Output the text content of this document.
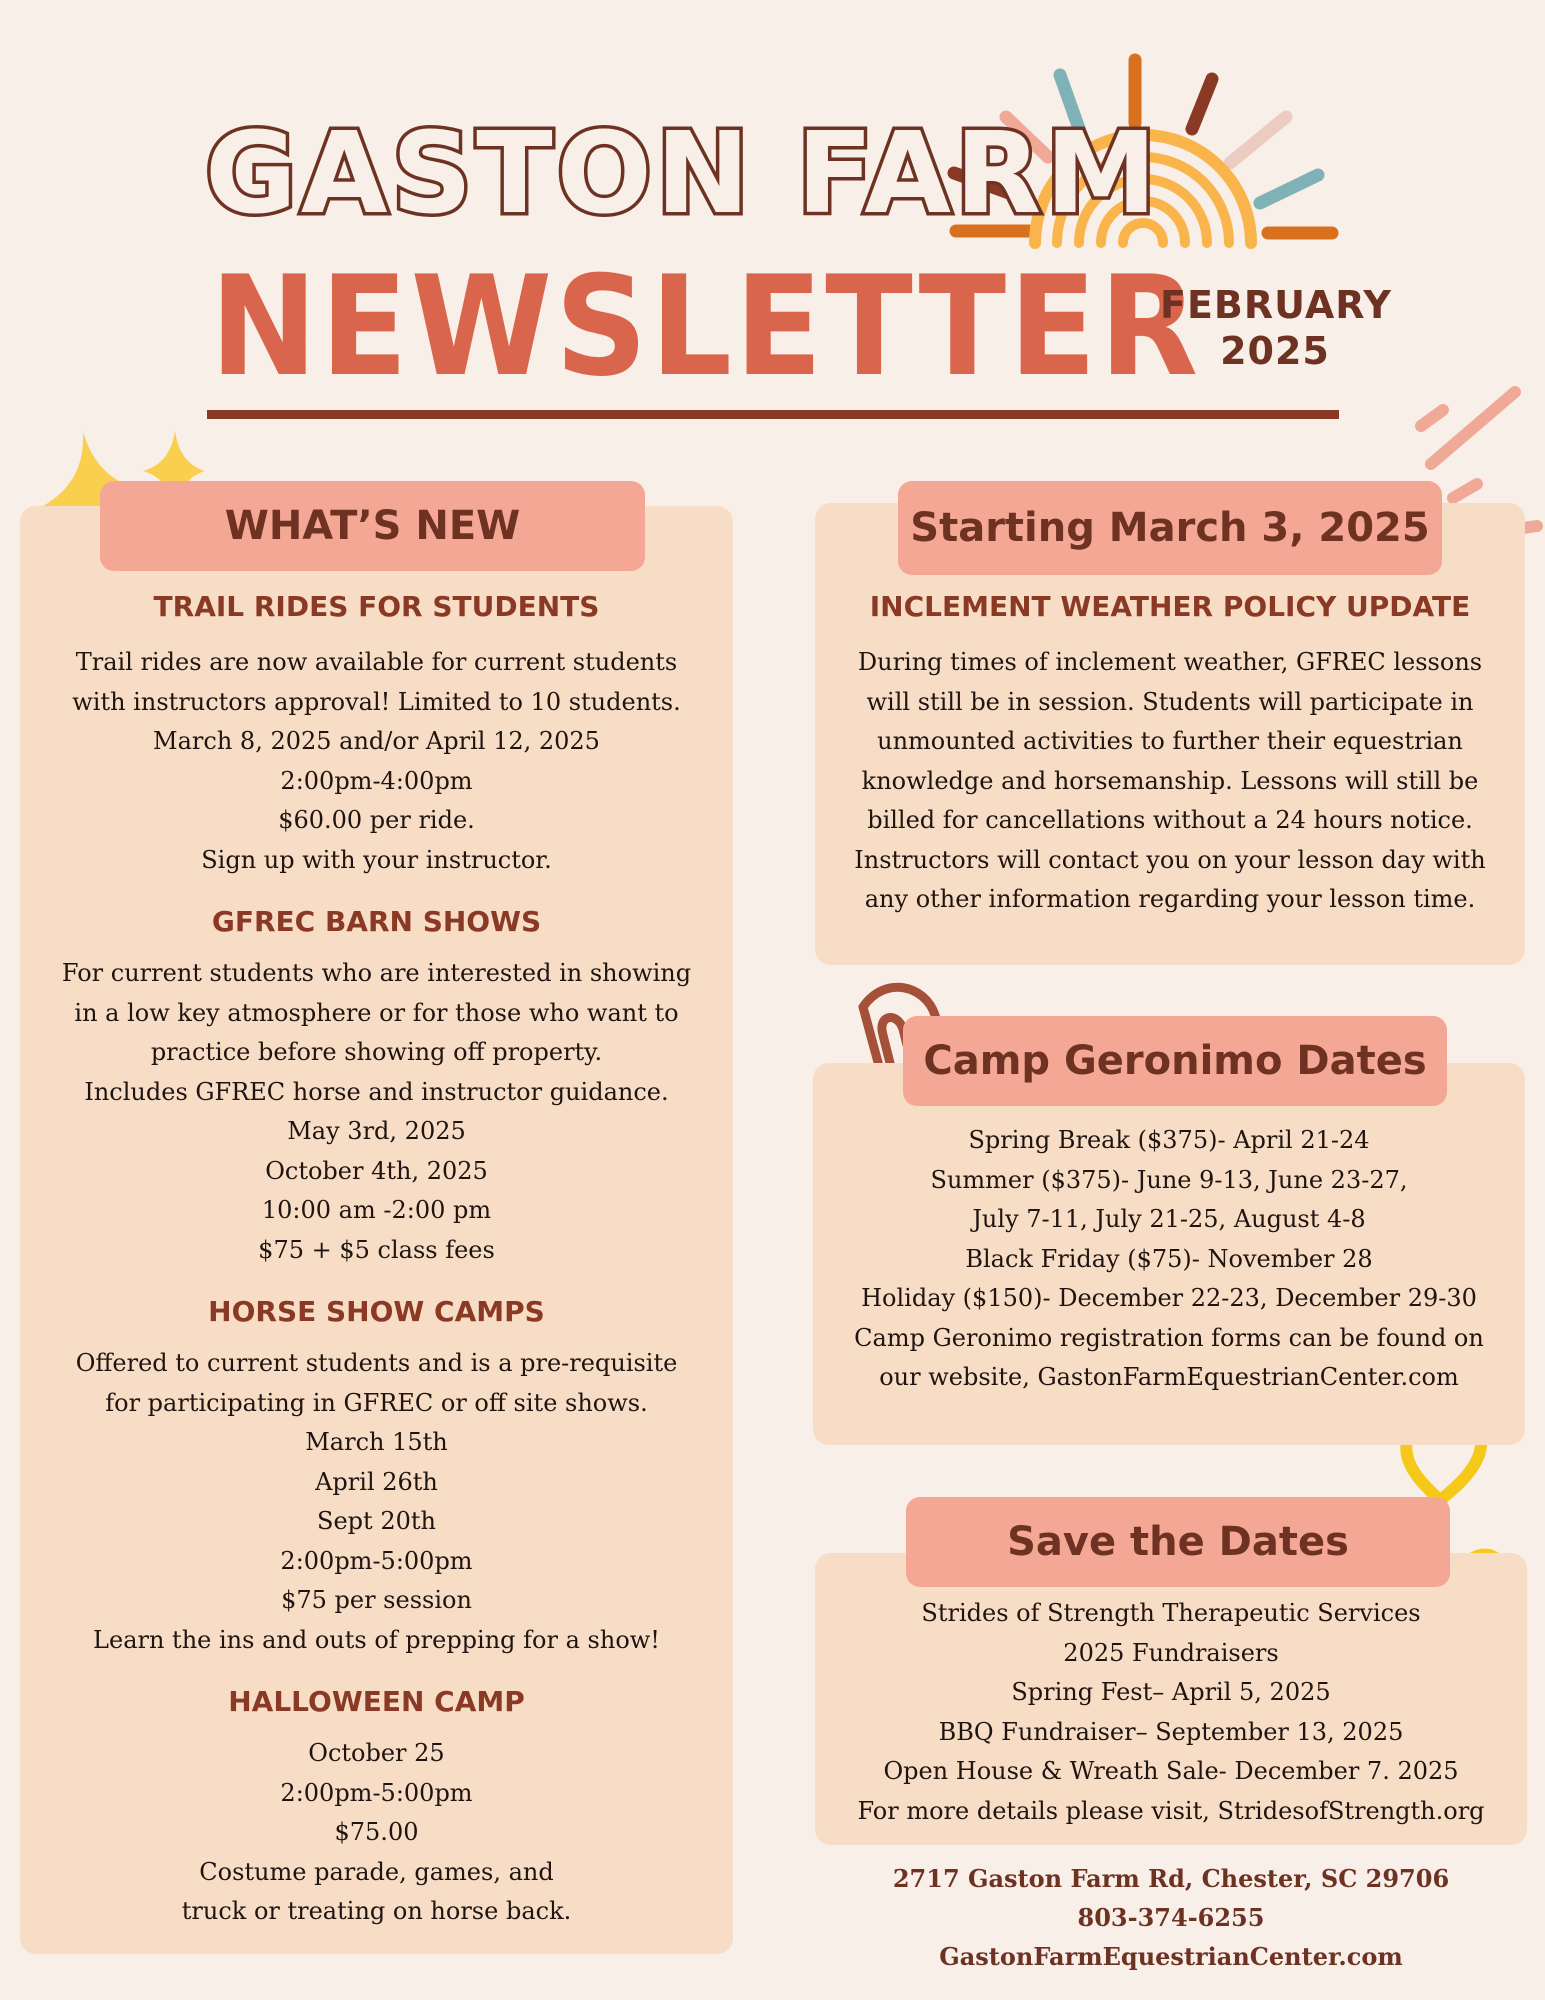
GASTON FARM
NEWSLETTER
FEBRUARY
2025
WHAT’S NEW
TRAIL RIDES FOR STUDENTS
Trail rides are now available for current students
with instructors approval! Limited to 10 students.
March 8, 2025 and/or April 12, 2025
2:00pm-4:00pm
$60.00 per ride.
Sign up with your instructor.
GFREC BARN SHOWS
For current students who are interested in showing
in a low key atmosphere or for those who want to
practice before showing off property.
Includes GFREC horse and instructor guidance.
May 3rd, 2025
October 4th, 2025
10:00 am -2:00 pm
$75 + $5 class fees
HORSE SHOW CAMPS
Offered to current students and is a pre-requisite
for participating in GFREC or off site shows.
March 15th
April 26th
Sept 20th
2:00pm-5:00pm
$75 per session
Learn the ins and outs of prepping for a show!
HALLOWEEN CAMP
October 25
2:00pm-5:00pm
$75.00
Costume parade, games, and
truck or treating on horse back.
Starting March 3, 2025
INCLEMENT WEATHER POLICY UPDATE
During times of inclement weather, GFREC lessons
will still be in session. Students will participate in
unmounted activities to further their equestrian
knowledge and horsemanship. Lessons will still be
billed for cancellations without a 24 hours notice.
Instructors will contact you on your lesson day with
any other information regarding your lesson time.
Camp Geronimo Dates
Spring Break ($375)- April 21-24
Summer ($375)- June 9-13, June 23-27,
July 7-11, July 21-25, August 4-8
Black Friday ($75)- November 28
Holiday ($150)- December 22-23, December 29-30
Camp Geronimo registration forms can be found on
our website, GastonFarmEquestrianCenter.com
Save the Dates
Strides of Strength Therapeutic Services
2025 Fundraisers
Spring Fest– April 5, 2025
BBQ Fundraiser– September 13, 2025
Open House & Wreath Sale- December 7. 2025
For more details please visit, StridesofStrength.org
2717 Gaston Farm Rd, Chester, SC 29706
803-374-6255
GastonFarmEquestrianCenter.com
